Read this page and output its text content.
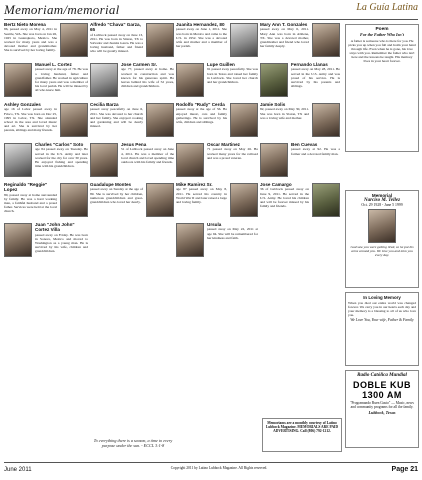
Memoriam/memorial	La Guía Latina
Bertz Nieto Morena

86, passed away on May 4, 2011 in Seattle, WA. She was born on Jan 26, 1925 in Guanajuato, Mexico. She worked for many years and was a devoted mother and grandmother. She is survived by her loving family.

Manuel L. Cortez

passed away at the age of 78. He was a loving husband, father and grandfather. He worked in agriculture for many years and was a member of his local parish. He will be missed by all who knew him.

Ashley Gonzales

age 16 of Labor passed away in Frisco, TX. She was born on Dec 25, 1995 in Labor, TX. She attended school in the area and loved music and art. She is survived by her parents, siblings and many friends.

Charles "Carlos" Soto

age 84 passed away on Tuesday. He served in the U.S. Army and later worked for the city for over 30 years. He enjoyed fishing and spending time with his grandchildren.

Reginaldo "Reggie" Lopez

80, passed away at home surrounded by family. He was a hard working man, a faithful husband and a proud father. Services were held at the local church.

Juan "John John" Cortez Villa

passed away on Friday. He was born in Sonora, Mexico and moved to Washington as a young man. He is survived by his wife, children and grandchildren.

Alfredo "Chava" Garza, 65

of Lubbock passed away on June 13, 2011. He was born in Sinton, TX to Salvador and Juanita Garza. He was a loving husband, father and friend who will be greatly missed.

Jose Carmen Sr.

age 77, passed away at home. He worked in construction and was known for his generous spirit. He leaves behind his wife of 52 years, children and grandchildren.

Cecilia Barza

passed away peacefully on June 6, 2011. She was devoted to her church and her family. She enjoyed cooking and gardening and will be dearly missed.

Jesus Pena

51 of Lubbock passed away on June 4, 2011. He was a member of the local church and loved spending time outdoors with his family and friends.

Guadalupe Montes

passed away on Sunday at the age of 89. She is survived by her children, numerous grandchildren and great-grandchildren who loved her dearly.

Juanita Hernandez, 80

passed away on June 1, 2011. She was born in Mexico and came to the U.S. in 1952. She was a devoted wife and mother and a member of her parish.

Lupe Guillen

91 passed away peacefully. She was born in Texas and raised her family in Lubbock. She loved her church and her grandchildren.

Rodolfo "Rudy" Cerda

passed away at the age of 56. He enjoyed music, cars and family gatherings. He is survived by his wife, children and siblings.

Oscar Martinez

71 passed away on May 26. He worked many years for the railroad and was a proud veteran.

Mike Ramirez Sr.

age 87 passed away on May 8, 2011. He served his country in World War II and later raised a large and loving family.

Ursula

passed away on May 22, 2011 at age 94. She will be remembered for her kindness and faith.

Mary Ann T. Gonzales

passed away on May 6, 2011. Mary Ann was born in Abilene, TX. She was a devoted mother, grandmother and friend who loved her family deeply.

Fernando Llanas

passed away on May 28, 2011. He served in the U.S. Army and was proud of his service. He is survived by his parents and siblings.

Jamie Solis

82, passed away on May 30, 2011. She was born in Slaton, TX and was a loving wife and mother.

Ben Cuevas

passed away at 92. He was a farmer and a devoted family man.

Jose Camargo

36 of Lubbock passed away on June 9, 2011. He served in the U.S. Army. He loved his children and will be forever missed by his family and friends.

To everything there is a season, a time to every purpose under the sun. - ECCL 3:1-8
Poem
For the Father Who Isn't
A father is someone who is there for you. He picks you up when you fall and holds your hand through life. Even when he is gone, his love stays with you. Remember the father who isn't here and the lessons he taught. His memory lives in your heart forever.
Memorial
Narciso M. Tellez
Oct. 29 1928 - June 5 1999
God saw you were getting tired, so he put his arms around you. We love you and miss you every day.
In Loving Memory
When you died our entire world was changed forever. We carry you in our hearts each day and your memory is a blessing to all of us who love you.
We Love You, Your wife, Father & Family
Radio Católica Mundial
DOBLE KUB 1300 AM
"Programando Buen Gusto" — Music, news and community programs for all the family.
Lubbock, Texas
Memoriams are a monthly courtesy of Latino Lubbock Magazine. MEMORIALS ARE PAID ADVERTISING. Call (806) 792-1212.
June 2011	Copyright 2011 by Latino Lubbock Magazine. All Rights reserved.	Page 21
